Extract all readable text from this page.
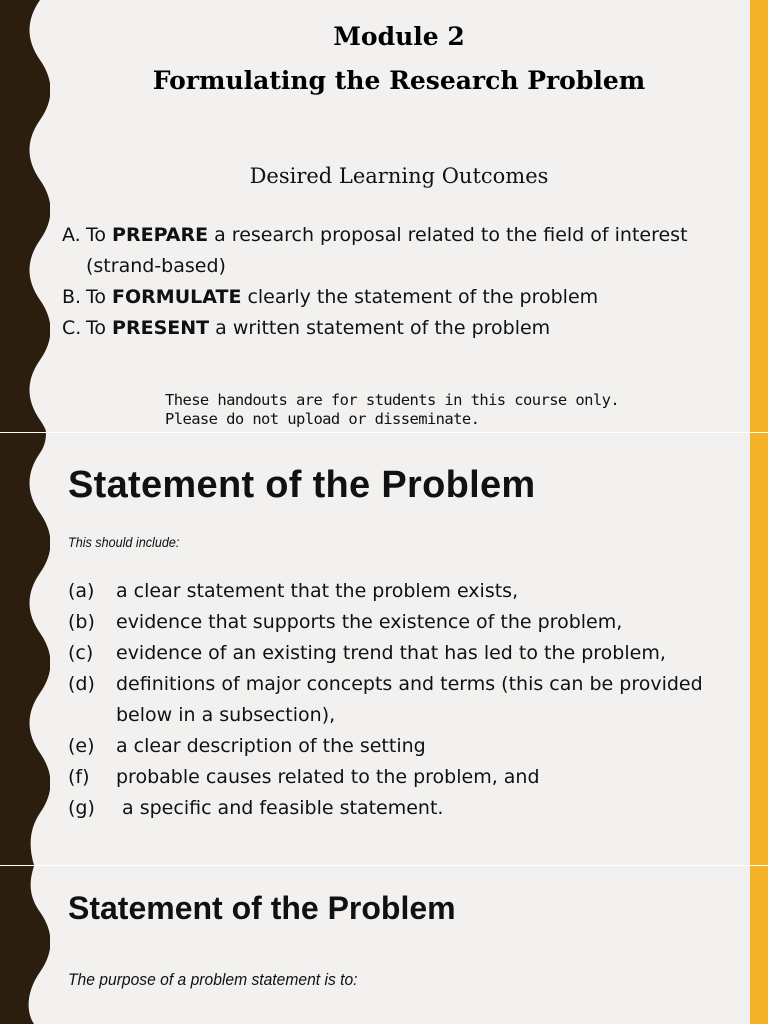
Module 2
Formulating the Research Problem
Desired Learning Outcomes
A. To PREPARE a research proposal related to the field of interest (strand-based)
B. To FORMULATE clearly the statement of the problem
C. To PRESENT a written statement of the problem
These handouts are for students in this course only.
Please do not upload or disseminate.
Statement of the Problem
This should include:
(a) a clear statement that the problem exists,
(b) evidence that supports the existence of the problem,
(c) evidence of an existing trend that has led to the problem,
(d) definitions of major concepts and terms (this can be provided below in a subsection),
(e) a clear description of the setting
(f) probable causes related to the problem, and
(g) a specific and feasible statement.
Statement of the Problem
The purpose of a problem statement is to:
